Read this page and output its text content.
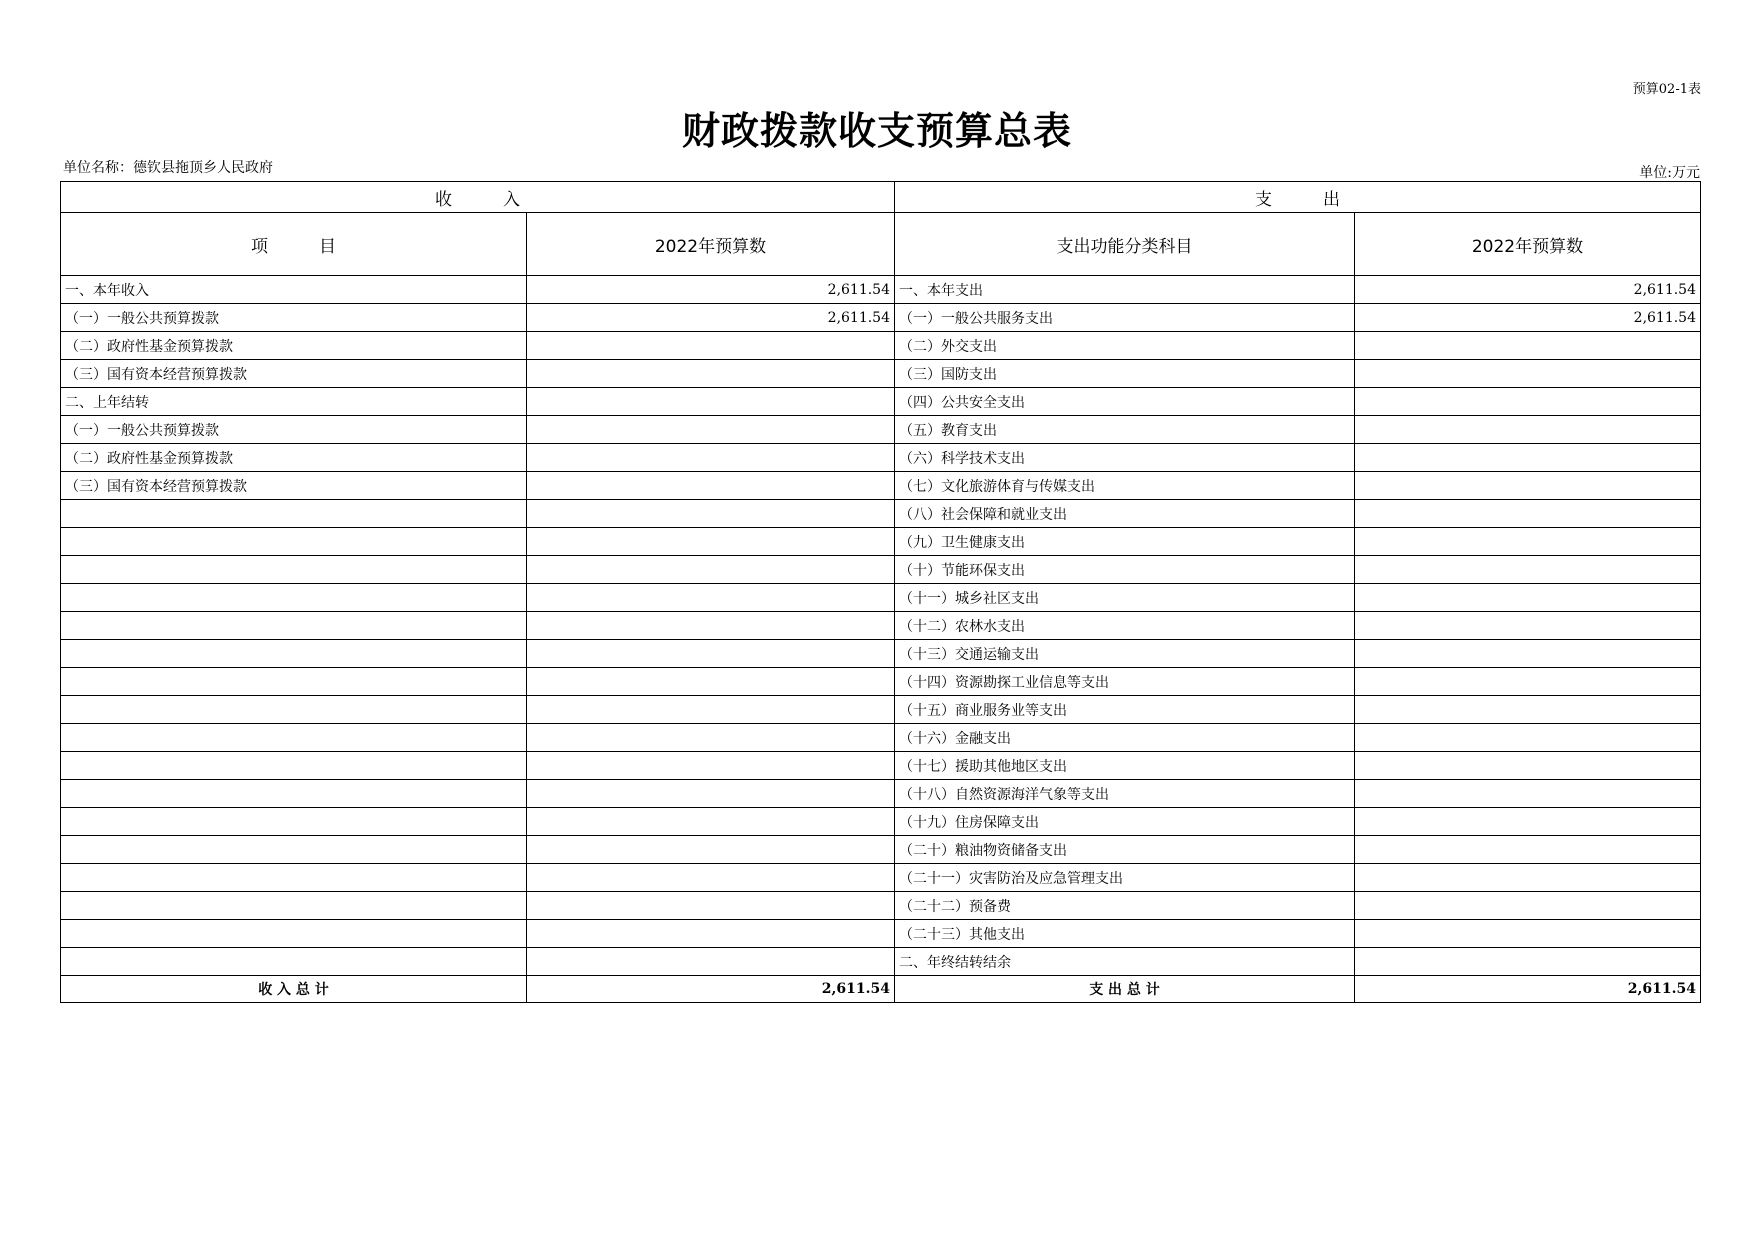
预算02-1表
财政拨款收支预算总表
单位名称：德钦县拖顶乡人民政府	单位:万元
收　　　入		支　　　出	
项　　　目	2022年预算数	支出功能分类科目	2022年预算数
一、本年收入	2,611.54	一、本年支出	2,611.54
（一）一般公共预算拨款	2,611.54	（一）一般公共服务支出	2,611.54
（二）政府性基金预算拨款		（二）外交支出	
（三）国有资本经营预算拨款		（三）国防支出	
二、上年结转		（四）公共安全支出	
（一）一般公共预算拨款		（五）教育支出	
（二）政府性基金预算拨款		（六）科学技术支出	
（三）国有资本经营预算拨款		（七）文化旅游体育与传媒支出	
		（八）社会保障和就业支出	
		（九）卫生健康支出	
		（十）节能环保支出	
		（十一）城乡社区支出	
		（十二）农林水支出	
		（十三）交通运输支出	
		（十四）资源勘探工业信息等支出	
		（十五）商业服务业等支出	
		（十六）金融支出	
		（十七）援助其他地区支出	
		（十八）自然资源海洋气象等支出	
		（十九）住房保障支出	
		（二十）粮油物资储备支出	
		（二十一）灾害防治及应急管理支出	
		（二十二）预备费	
		（二十三）其他支出	
		二、年终结转结余	
收 入 总 计	2,611.54	支 出 总 计	2,611.54
